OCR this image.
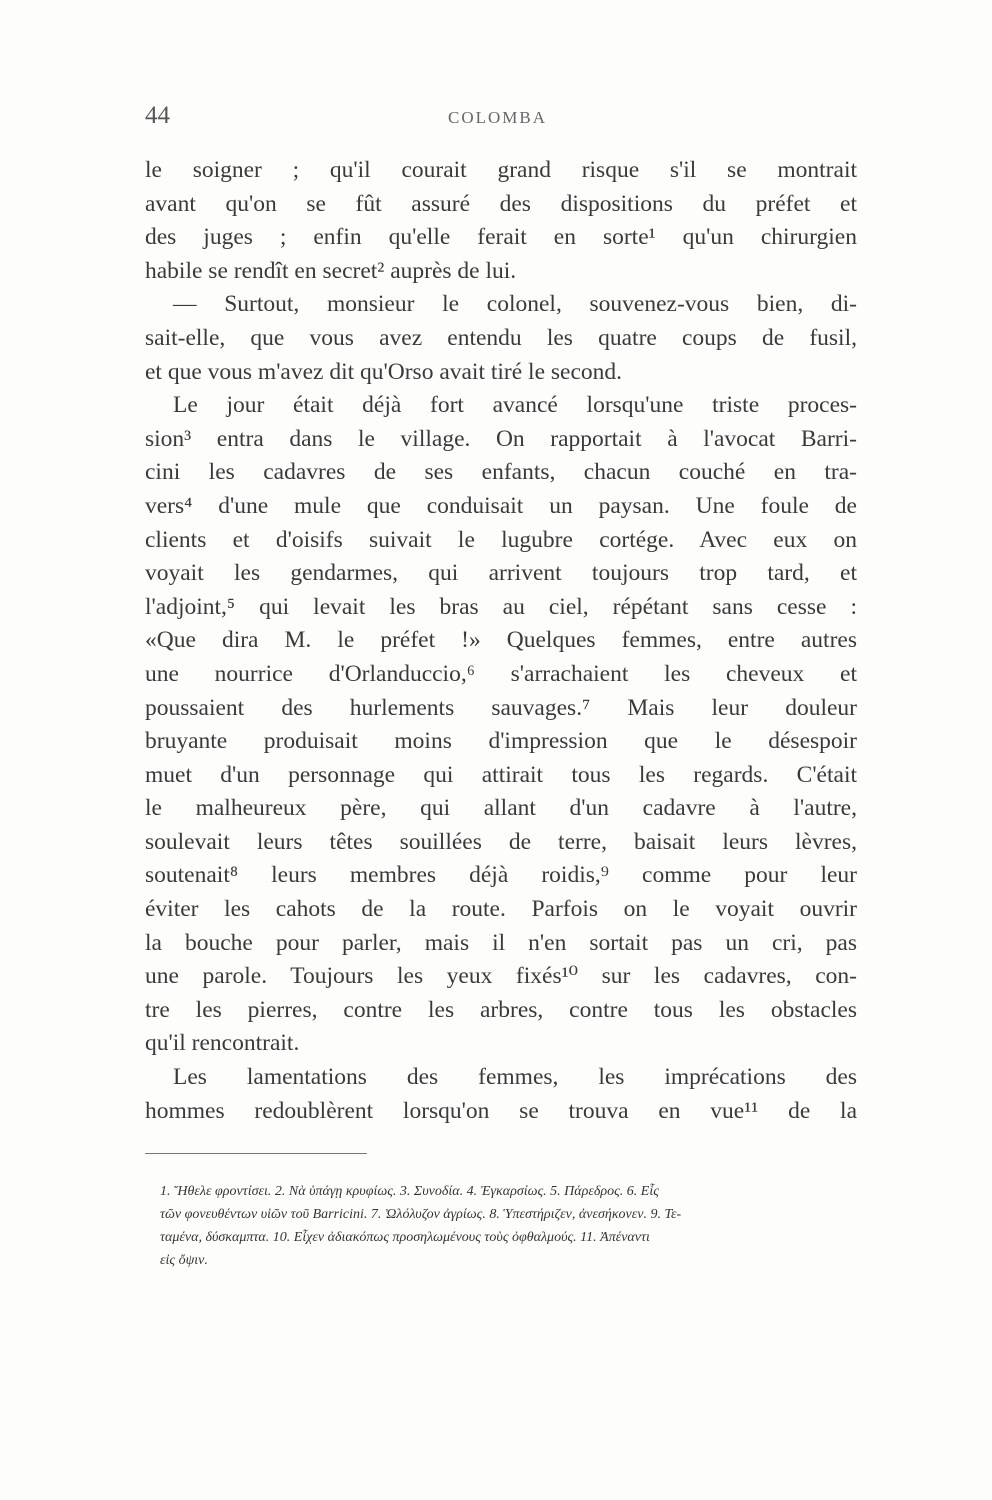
44	COLOMBA
le soigner ; qu'il courait grand risque s'il se montrait
avant qu'on se fût assuré des dispositions du préfet et
des juges ; enfin qu'elle ferait en sorte¹ qu'un chirurgien
habile se rendît en secret² auprès de lui.
— Surtout, monsieur le colonel, souvenez-vous bien, di-
sait-elle, que vous avez entendu les quatre coups de fusil,
et que vous m'avez dit qu'Orso avait tiré le second.
Le jour était déjà fort avancé lorsqu'une triste proces-
sion³ entra dans le village. On rapportait à l'avocat Barri-
cini les cadavres de ses enfants, chacun couché en tra-
vers⁴ d'une mule que conduisait un paysan. Une foule de
clients et d'oisifs suivait le lugubre cortége. Avec eux on
voyait les gendarmes, qui arrivent toujours trop tard, et
l'adjoint,⁵ qui levait les bras au ciel, répétant sans cesse :
«Que dira M. le préfet !» Quelques femmes, entre autres
une nourrice d'Orlanduccio,⁶ s'arrachaient les cheveux et
poussaient des hurlements sauvages.⁷ Mais leur douleur
bruyante produisait moins d'impression que le désespoir
muet d'un personnage qui attirait tous les regards. C'était
le malheureux père, qui allant d'un cadavre à l'autre,
soulevait leurs têtes souillées de terre, baisait leurs lèvres,
soutenait⁸ leurs membres déjà roidis,⁹ comme pour leur
éviter les cahots de la route. Parfois on le voyait ouvrir
la bouche pour parler, mais il n'en sortait pas un cri, pas
une parole. Toujours les yeux fixés¹⁰ sur les cadavres, con-
tre les pierres, contre les arbres, contre tous les obstacles
qu'il rencontrait.
Les lamentations des femmes, les imprécations des
hommes redoublèrent lorsqu'on se trouva en vue¹¹ de la
1. Ἤθελε φροντίσει. 2. Νὰ ὑπάγῃ κρυφίως. 3. Συνοδία. 4. Ἐγκαρσίως. 5. Πάρεδρος. 6. Εἷς
τῶν φονευθέντων υἱῶν τοῦ Barricini. 7. Ὠλόλυζον ἀγρίως. 8. Ὑπεστήριζεν, ἀνεσήκονεν. 9. Τε-
ταμένα, δύσκαμπτα. 10. Εἶχεν ἀδιακόπως προσηλωμένους τοὺς ὀφθαλμούς. 11. Ἀπέναντι
εἰς ὄψιν.
